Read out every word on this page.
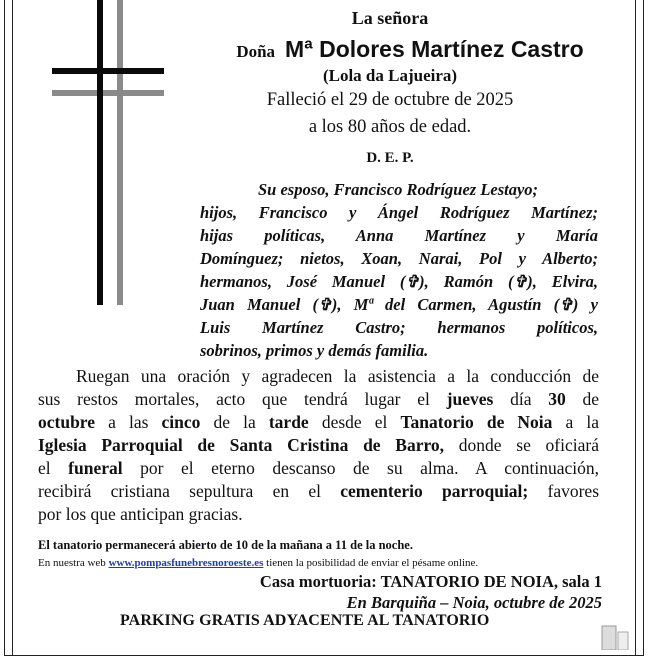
La señora
Doña Mª Dolores Martínez Castro
(Lola da Lajueira)
Falleció el 29 de octubre de 2025
a los 80 años de edad.
D. E. P.
Su esposo, Francisco Rodríguez Lestayo;
hijos, Francisco y Ángel Rodríguez Martínez;
hijas políticas, Anna Martínez y María
Domínguez; nietos, Xoan, Narai, Pol y Alberto;
hermanos, José Manuel (✞), Ramón (✞), Elvira,
Juan Manuel (✞), Mª del Carmen, Agustín (✞) y
Luis Martínez Castro; hermanos políticos,
sobrinos, primos y demás familia.
Ruegan una oración y agradecen la asistencia a la conducción de
sus restos mortales, acto que tendrá lugar el jueves día 30 de
octubre a las cinco de la tarde desde el Tanatorio de Noia a la
Iglesia Parroquial de Santa Cristina de Barro, donde se oficiará
el funeral por el eterno descanso de su alma. A continuación,
recibirá cristiana sepultura en el cementerio parroquial; favores
por los que anticipan gracias.
El tanatorio permanecerá abierto de 10 de la mañana a 11 de la noche.
En nuestra web www.pompasfunebresnoroeste.es tienen la posibilidad de enviar el pésame online.
Casa mortuoria: TANATORIO DE NOIA, sala 1
En Barquiña – Noia, octubre de 2025
PARKING GRATIS ADYACENTE AL TANATORIO
